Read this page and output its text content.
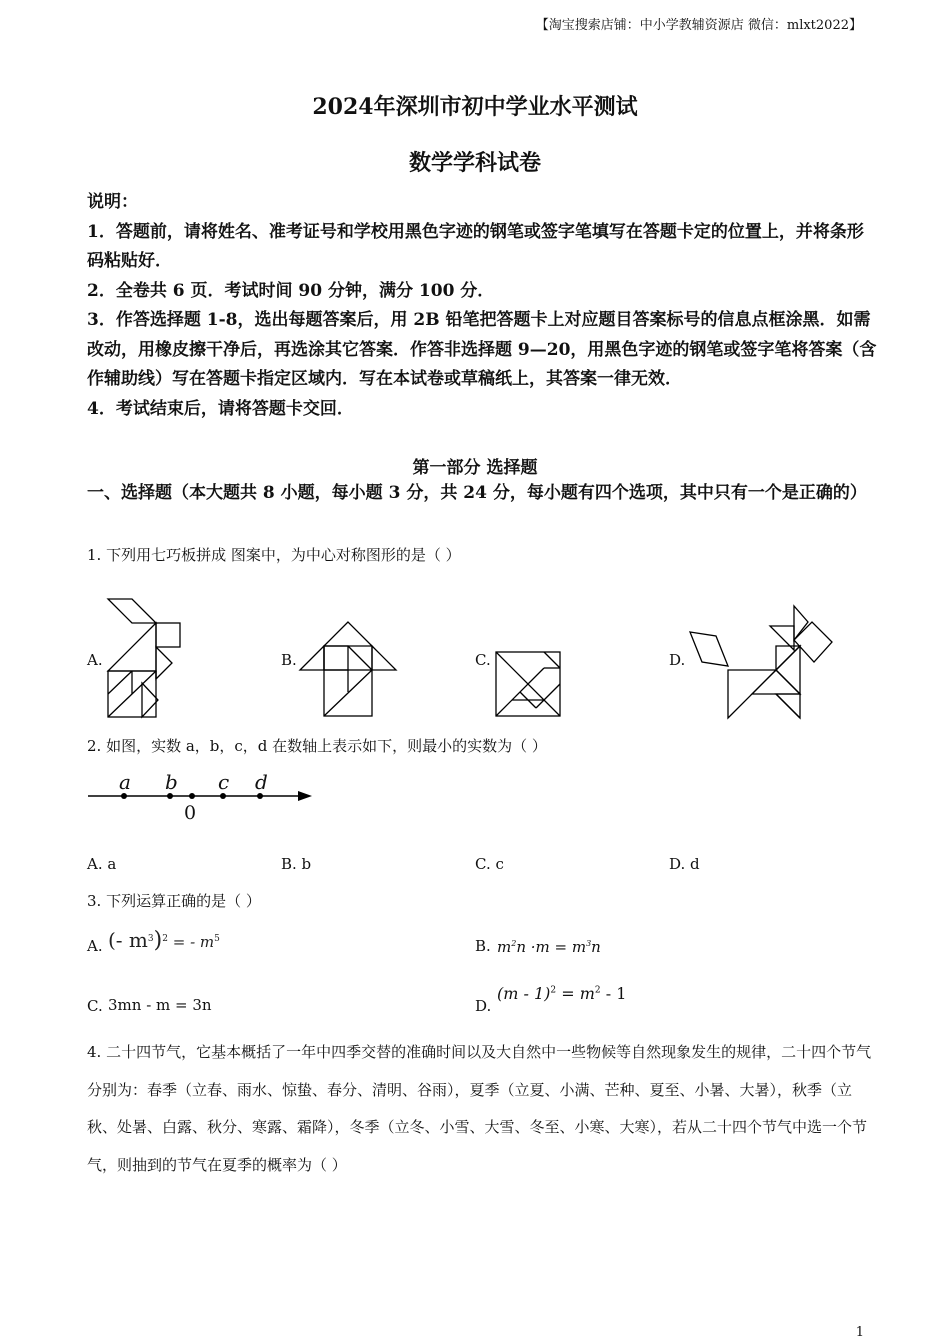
【淘宝搜索店铺：中小学教辅资源店 微信：mlxt2022】
2024年深圳市初中学业水平测试
数学学科试卷
说明：
1．答题前，请将姓名、准考证号和学校用黑色字迹的钢笔或签字笔填写在答题卡定的位置上，并将条形码粘贴好．
2．全卷共 6 页．考试时间 90 分钟，满分 100 分．
3．作答选择题 1-8，选出每题答案后，用 2B 铅笔把答题卡上对应题目答案标号的信息点框涂黑．如需改动，用橡皮擦干净后，再选涂其它答案．作答非选择题 9—20，用黑色字迹的钢笔或签字笔将答案（含作辅助线）写在答题卡指定区域内．写在本试卷或草稿纸上，其答案一律无效．
4．考试结束后，请将答题卡交回．
第一部分 选择题
一、选择题（本大题共 8 小题，每小题 3 分，共 24 分，每小题有四个选项，其中只有一个是正确的）
1. 下列用七巧板拼成 图案中，为中心对称图形的是（ ）
A.	B.	C.	D.
2. 如图，实数 a，b，c，d 在数轴上表示如下，则最小的实数为（ ）
a b c d
0
A. a	B. b	C. c	D. d
3. 下列运算正确的是（ ）
A. (- $m^3)^2$ = - $m^5$	B. $m^2n \cdot m = m^3n$
C. 3mn - m = 3n	D.
$(m - 1)^2 = m^2 - 1$
4. 二十四节气，它基本概括了一年中四季交替的准确时间以及大自然中一些物候等自然现象发生的规律，二十四个节气分别为：春季（立春、雨水、惊蛰、春分、清明、谷雨），夏季（立夏、小满、芒种、夏至、小暑、大暑），秋季（立秋、处暑、白露、秋分、寒露、霜降），冬季（立冬、小雪、大雪、冬至、小寒、大寒），若从二十四个节气中选一个节气，则抽到的节气在夏季的概率为（ ）
1
